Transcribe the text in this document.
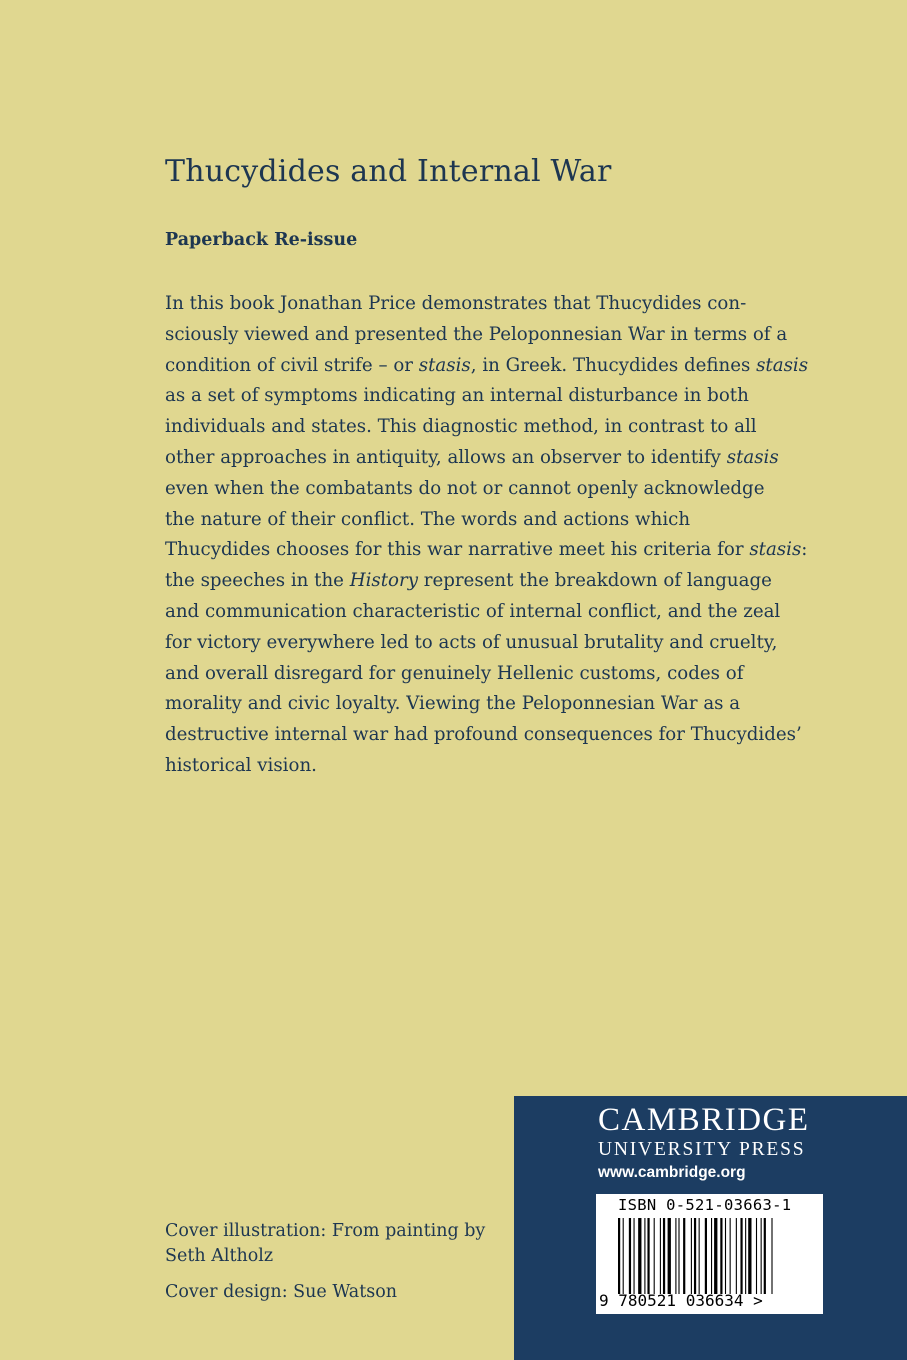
Thucydides and Internal War
Paperback Re-issue

In this book Jonathan Price demonstrates that Thucydides con-
sciously viewed and presented the Peloponnesian War in terms of a
condition of civil strife – or stasis, in Greek. Thucydides defines stasis
as a set of symptoms indicating an internal disturbance in both
individuals and states. This diagnostic method, in contrast to all
other approaches in antiquity, allows an observer to identify stasis
even when the combatants do not or cannot openly acknowledge
the nature of their conflict. The words and actions which
Thucydides chooses for this war narrative meet his criteria for stasis:
the speeches in the History represent the breakdown of language
and communication characteristic of internal conflict, and the zeal
for victory everywhere led to acts of unusual brutality and cruelty,
and overall disregard for genuinely Hellenic customs, codes of
morality and civic loyalty. Viewing the Peloponnesian War as a
destructive internal war had profound consequences for Thucydides’
historical vision.

Cover illustration: From painting by
Seth Altholz
Cover design: Sue Watson
CAMBRIDGE
UNIVERSITY PRESS
www.cambridge.org
ISBN 0-521-03663-1
9 780521 036634 >
